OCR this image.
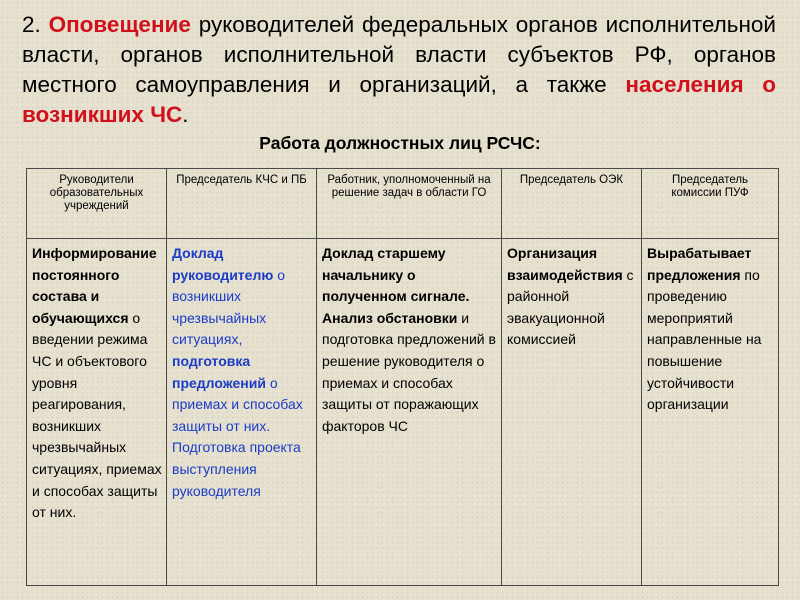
2. Оповещение руководителей федеральных органов исполнительной власти, органов исполнительной власти субъектов РФ, органов местного самоуправления и организаций, а также населения о возникших ЧС.

Работа должностных лиц РСЧС:

Руководители образовательных учреждений	Председатель КЧС и ПБ	Работник, уполномоченный на решение задач в области ГО	Председатель ОЭК	Председатель комиссии ПУФ
Информирование постоянного состава и обучающихся о введении режима ЧС и объектового уровня реагирования, возникших чрезвычайных ситуациях, приемах и способах защиты от них.	Доклад руководителю о возникших чрезвычайных ситуациях, подготовка предложений о приемах и способах защиты от них. Подготовка проекта выступления руководителя	Доклад старшему начальнику о полученном сигнале. Анализ обстановки и подготовка предложений в решение руководителя о приемах и способах защиты от поражающих факторов ЧС	Организация взаимодействия с районной эвакуационной комиссией	Вырабатывает предложения по проведению мероприятий направленные на повышение устойчивости организации
